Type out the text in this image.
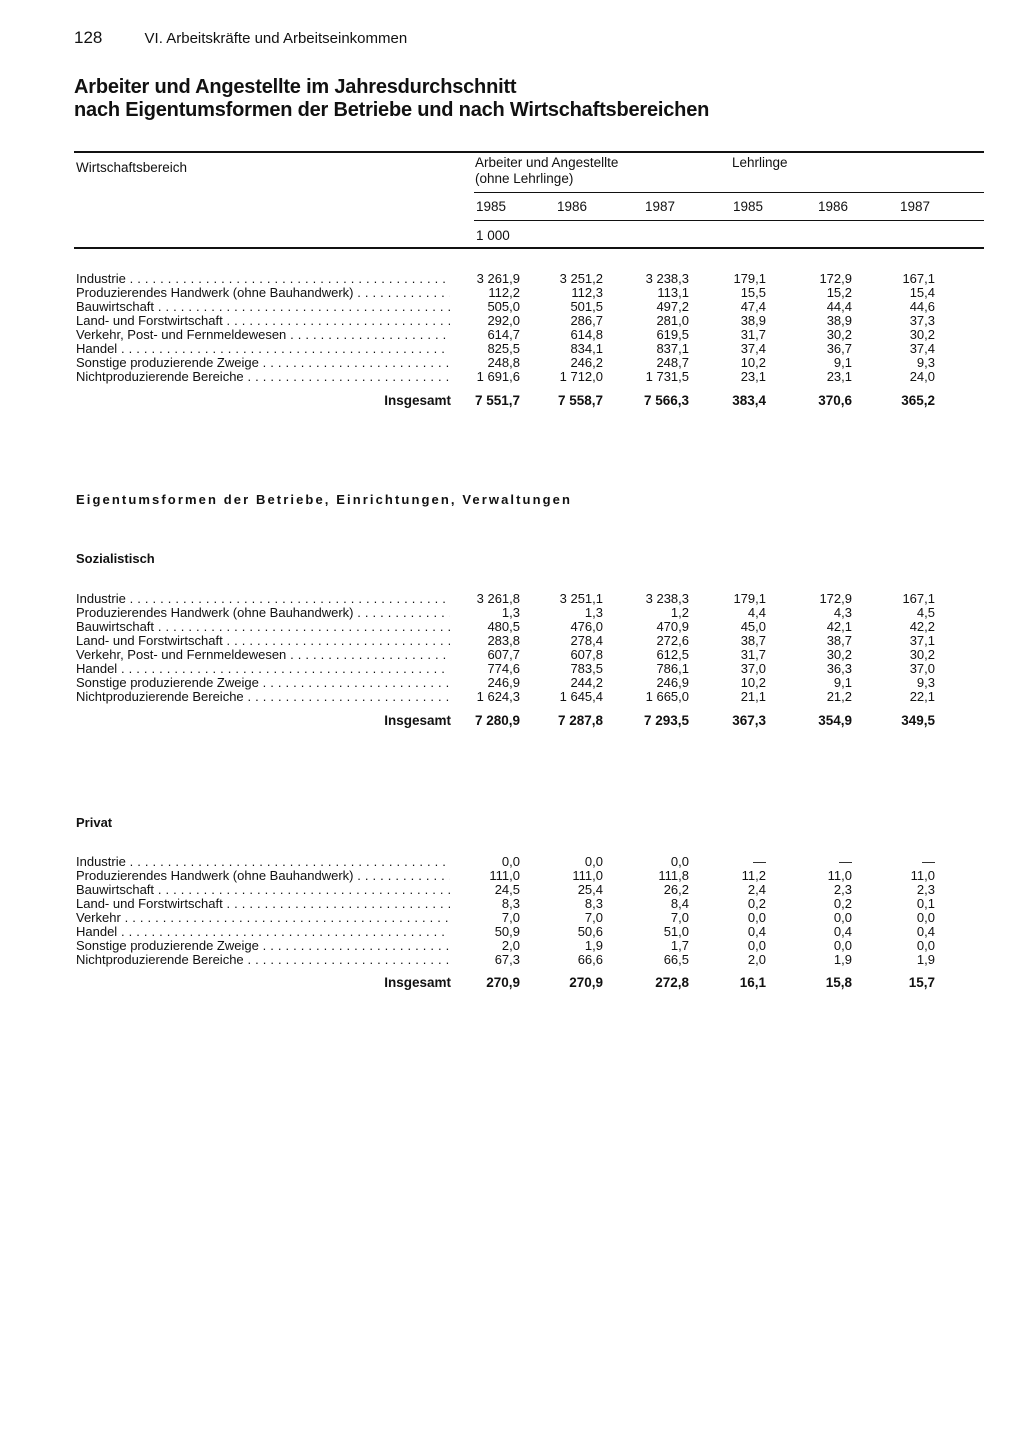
128	VI. Arbeitskräfte und Arbeitseinkommen
Arbeiter und Angestellte im Jahresdurchschnitt
nach Eigentumsformen der Betriebe und nach Wirtschaftsbereichen
Wirtschaftsbereich	Arbeiter und Angestellte
(ohne Lehrlinge)
Lehrlinge
1985	1986	1987	1985	1986	1987
1 000
Industrie . . .	3 261,9	3 251,2	3 238,3	179,1	172,9	167,1
Produzierendes Handwerk (ohne Bauhandwerk) . . .	112,2	112,3	113,1	15,5	15,2	15,4
Bauwirtschaft . . .	505,0	501,5	497,2	47,4	44,4	44,6
Land- und Forstwirtschaft . . .	292,0	286,7	281,0	38,9	38,9	37,3
Verkehr, Post- und Fernmeldewesen . . .	614,7	614,8	619,5	31,7	30,2	30,2
Handel . . .	825,5	834,1	837,1	37,4	36,7	37,4
Sonstige produzierende Zweige . . .	248,8	246,2	248,7	10,2	9,1	9,3
Nichtproduzierende Bereiche . . .	1 691,6	1 712,0	1 731,5	23,1	23,1	24,0
Insgesamt	7 551,7	7 558,7	7 566,3	383,4	370,6	365,2
Eigentumsformen der Betriebe, Einrichtungen, Verwaltungen
Sozialistisch
Industrie . . .	3 261,8	3 251,1	3 238,3	179,1	172,9	167,1
Produzierendes Handwerk (ohne Bauhandwerk) . . .	1,3	1,3	1,2	4,4	4,3	4,5
Bauwirtschaft . . .	480,5	476,0	470,9	45,0	42,1	42,2
Land- und Forstwirtschaft . . .	283,8	278,4	272,6	38,7	38,7	37,1
Verkehr, Post- und Fernmeldewesen . . .	607,7	607,8	612,5	31,7	30,2	30,2
Handel . . .	774,6	783,5	786,1	37,0	36,3	37,0
Sonstige produzierende Zweige . . .	246,9	244,2	246,9	10,2	9,1	9,3
Nichtproduzierende Bereiche . . .	1 624,3	1 645,4	1 665,0	21,1	21,2	22,1
Insgesamt	7 280,9	7 287,8	7 293,5	367,3	354,9	349,5
Privat
Industrie . . .	0,0	0,0	0,0	—	—	—
Produzierendes Handwerk (ohne Bauhandwerk) . . .	111,0	111,0	111,8	11,2	11,0	11,0
Bauwirtschaft . . .	24,5	25,4	26,2	2,4	2,3	2,3
Land- und Forstwirtschaft . . .	8,3	8,3	8,4	0,2	0,2	0,1
Verkehr . . .	7,0	7,0	7,0	0,0	0,0	0,0
Handel . . .	50,9	50,6	51,0	0,4	0,4	0,4
Sonstige produzierende Zweige . . .	2,0	1,9	1,7	0,0	0,0	0,0
Nichtproduzierende Bereiche . . .	67,3	66,6	66,5	2,0	1,9	1,9
Insgesamt	270,9	270,9	272,8	16,1	15,8	15,7
